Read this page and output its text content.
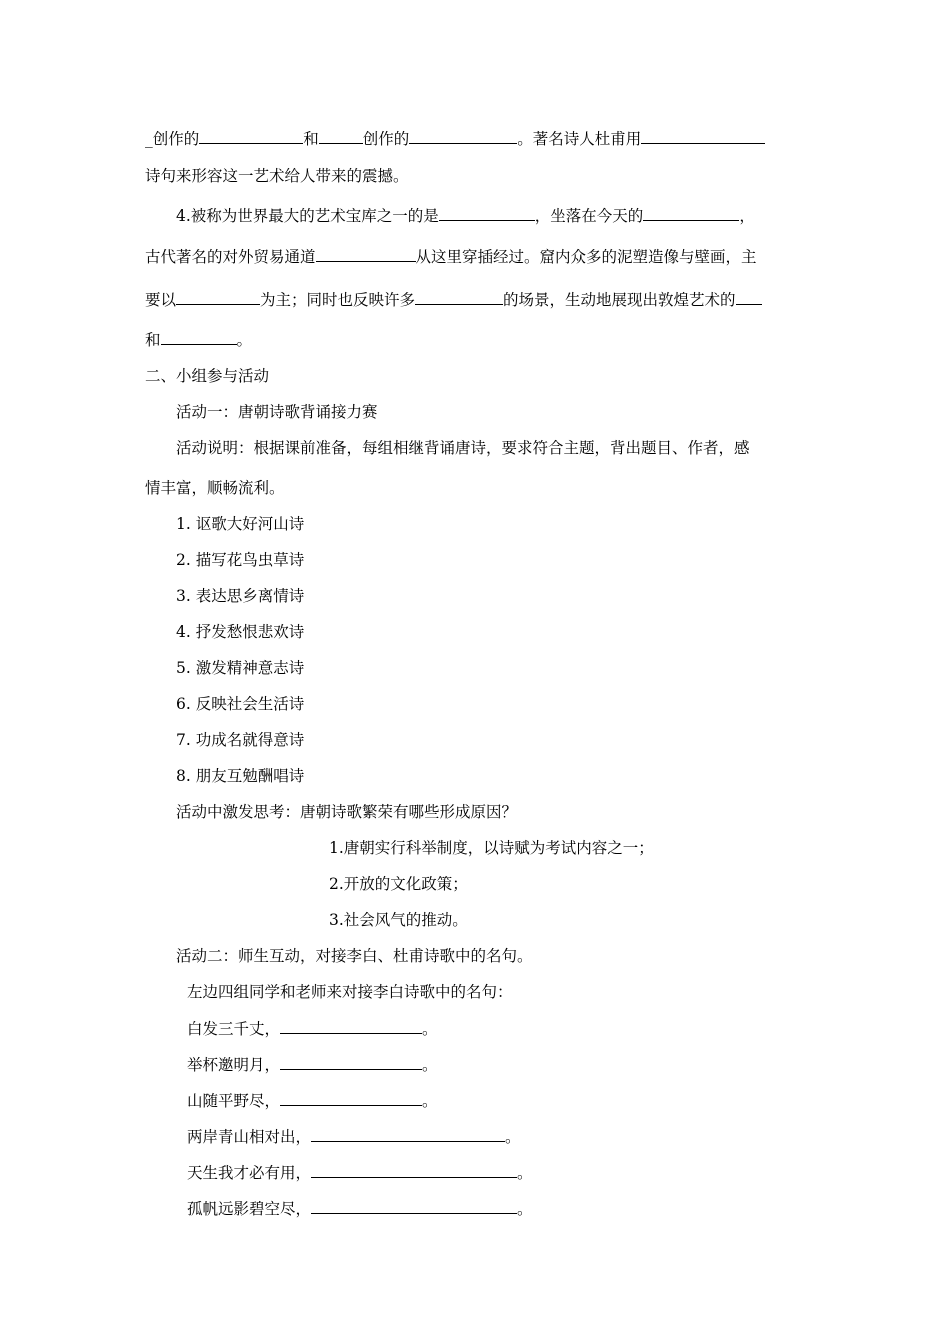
_创作的	和	创作的	。著名诗人杜甫用
诗句来形容这一艺术给人带来的震撼。
4.被称为世界最大的艺术宝库之一的是	，坐落在今天的	，
古代著名的对外贸易通道	从这里穿插经过。窟内众多的泥塑造像与壁画，主
要以	为主；同时也反映许多	的场景，生动地展现出敦煌艺术的
和	。
二、小组参与活动
活动一：唐朝诗歌背诵接力赛
活动说明：根据课前准备，每组相继背诵唐诗，要求符合主题，背出题目、作者，感
情丰富，顺畅流利。
1. 讴歌大好河山诗
2. 描写花鸟虫草诗
3. 表达思乡离情诗
4. 抒发愁恨悲欢诗
5. 激发精神意志诗
6. 反映社会生活诗
7. 功成名就得意诗
8. 朋友互勉酬唱诗
活动中激发思考：唐朝诗歌繁荣有哪些形成原因？
1.唐朝实行科举制度，以诗赋为考试内容之一；
2.开放的文化政策；
3.社会风气的推动。
活动二：师生互动，对接李白、杜甫诗歌中的名句。
左边四组同学和老师来对接李白诗歌中的名句：
白发三千丈，	。
举杯邀明月，	。
山随平野尽，	。
两岸青山相对出，	。
天生我才必有用，	。
孤帆远影碧空尽，	。
